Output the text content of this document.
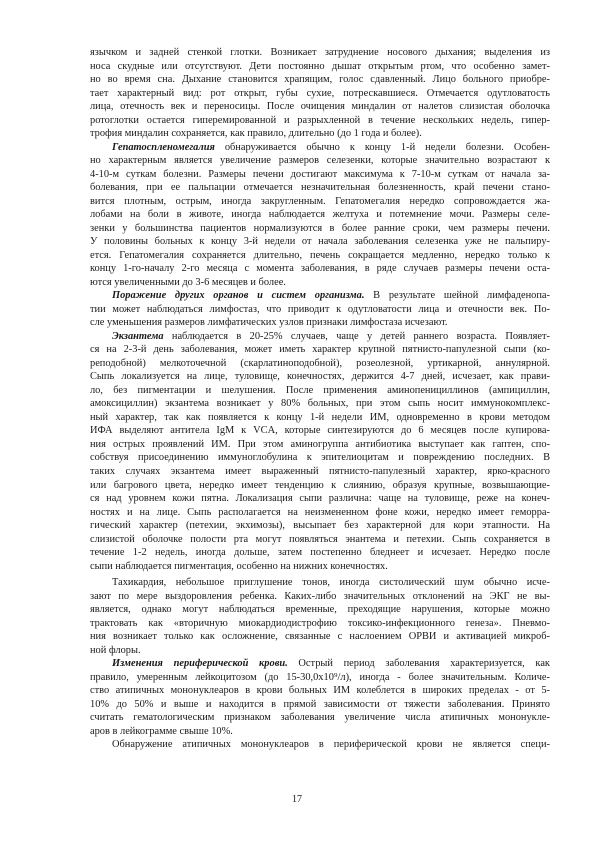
язычком и задней стенкой глотки. Возникает затруднение носового дыхания; выделения из
носа скудные или отсутствуют. Дети постоянно дышат открытым ртом, что особенно замет-
но во время сна. Дыхание становится храпящим, голос сдавленный. Лицо больного приобре-
тает характерный вид: рот открыт, губы сухие, потрескавшиеся. Отмечается одутловатость
лица, отечность век и переносицы. После очищения миндалин от налетов слизистая оболочка
ротоглотки остается гиперемированной и разрыхленной в течение нескольких недель, гипер-
трофия миндалин сохраняется, как правило, длительно (до 1 года и более).
Гепатоспленомегалия обнаруживается обычно к концу 1-й недели болезни. Особен-
но характерным является увеличение размеров селезенки, которые значительно возрастают к
4-10-м суткам болезни. Размеры печени достигают максимума к 7-10-м суткам от начала за-
болевания, при ее пальпации отмечается незначительная болезненность, край печени стано-
вится плотным, острым, иногда закругленным. Гепатомегалия нередко сопровождается жа-
лобами на боли в животе, иногда наблюдается желтуха и потемнение мочи. Размеры селе-
зенки у большинства пациентов нормализуются в более ранние сроки, чем размеры печени.
У половины больных к концу 3-й недели от начала заболевания селезенка уже не пальпиру-
ется. Гепатомегалия сохраняется длительно, печень сокращается медленно, нередко только к
концу 1-го-началу 2-го месяца с момента заболевания, в ряде случаев размеры печени оста-
ются увеличенными до 3-6 месяцев и более.
Поражение других органов и систем организма. В результате шейной лимфаденопа-
тии может наблюдаться лимфостаз, что приводит к одутловатости лица и отечности век. По-
сле уменьшения размеров лимфатических узлов признаки лимфостаза исчезают.
Экзантема наблюдается в 20-25% случаев, чаще у детей раннего возраста. Появляет-
ся на 2-3-й день заболевания, может иметь характер крупной пятнисто-папулезной сыпи (ко-
реподобной) мелкоточечной (скарлатиноподобной), розеолезной, уртикарной, аннулярной.
Сыпь локализуется на лице, туловище, конечностях, держится 4-7 дней, исчезает, как прави-
ло, без пигментации и шелушения. После применения аминопенициллинов (ампициллин,
амоксициллин) экзантема возникает у 80% больных, при этом сыпь носит иммунокомплекс-
ный характер, так как появляется к концу 1-й недели ИМ, одновременно в крови методом
ИФА выделяют антитела IgM к VCA, которые синтезируются до 6 месяцев после купирова-
ния острых проявлений ИМ. При этом аминогруппа антибиотика выступает как гаптен, спо-
собствуя присоединению иммуноглобулина к эпителиоцитам и повреждению последних. В
таких случаях экзантема имеет выраженный пятнисто-папулезный характер, ярко-красного
или багрового цвета, нередко имеет тенденцию к слиянию, образуя крупные, возвышающие-
ся над уровнем кожи пятна. Локализация сыпи различна: чаще на туловище, реже на конеч-
ностях и на лице. Сыпь располагается на неизмененном фоне кожи, нередко имеет геморра-
гический характер (петехии, экхимозы), высыпает без характерной для кори этапности. На
слизистой оболочке полости рта могут появляться энантема и петехии. Сыпь сохраняется в
течение 1-2 недель, иногда дольше, затем постепенно бледнеет и исчезает. Нередко после
сыпи наблюдается пигментация, особенно на нижних конечностях.
Тахикардия, небольшое приглушение тонов, иногда систолический шум обычно исче-
зают по мере выздоровления ребенка. Каких-либо значительных отклонений на ЭКГ не вы-
является, однако могут наблюдаться временные, преходящие нарушения, которые можно
трактовать как «вторичную миокардиодистрофию токсико-инфекционного генеза». Пневмо-
ния возникает только как осложнение, связанные с наслоением ОРВИ и активацией микроб-
ной флоры.
Изменения периферической крови. Острый период заболевания характеризуется, как
правило, умеренным лейкоцитозом (до 15-30,0x10⁹/л), иногда - более значительным. Количе-
ство атипичных мононуклеаров в крови больных ИМ колеблется в широких пределах - от 5-
10% до 50% и выше и находится в прямой зависимости от тяжести заболевания. Принято
считать гематологическим признаком заболевания увеличение числа атипичных мононукле-
аров в лейкограмме свыше 10%.
Обнаружение атипичных мононуклеаров в периферической крови не является специ-
17
